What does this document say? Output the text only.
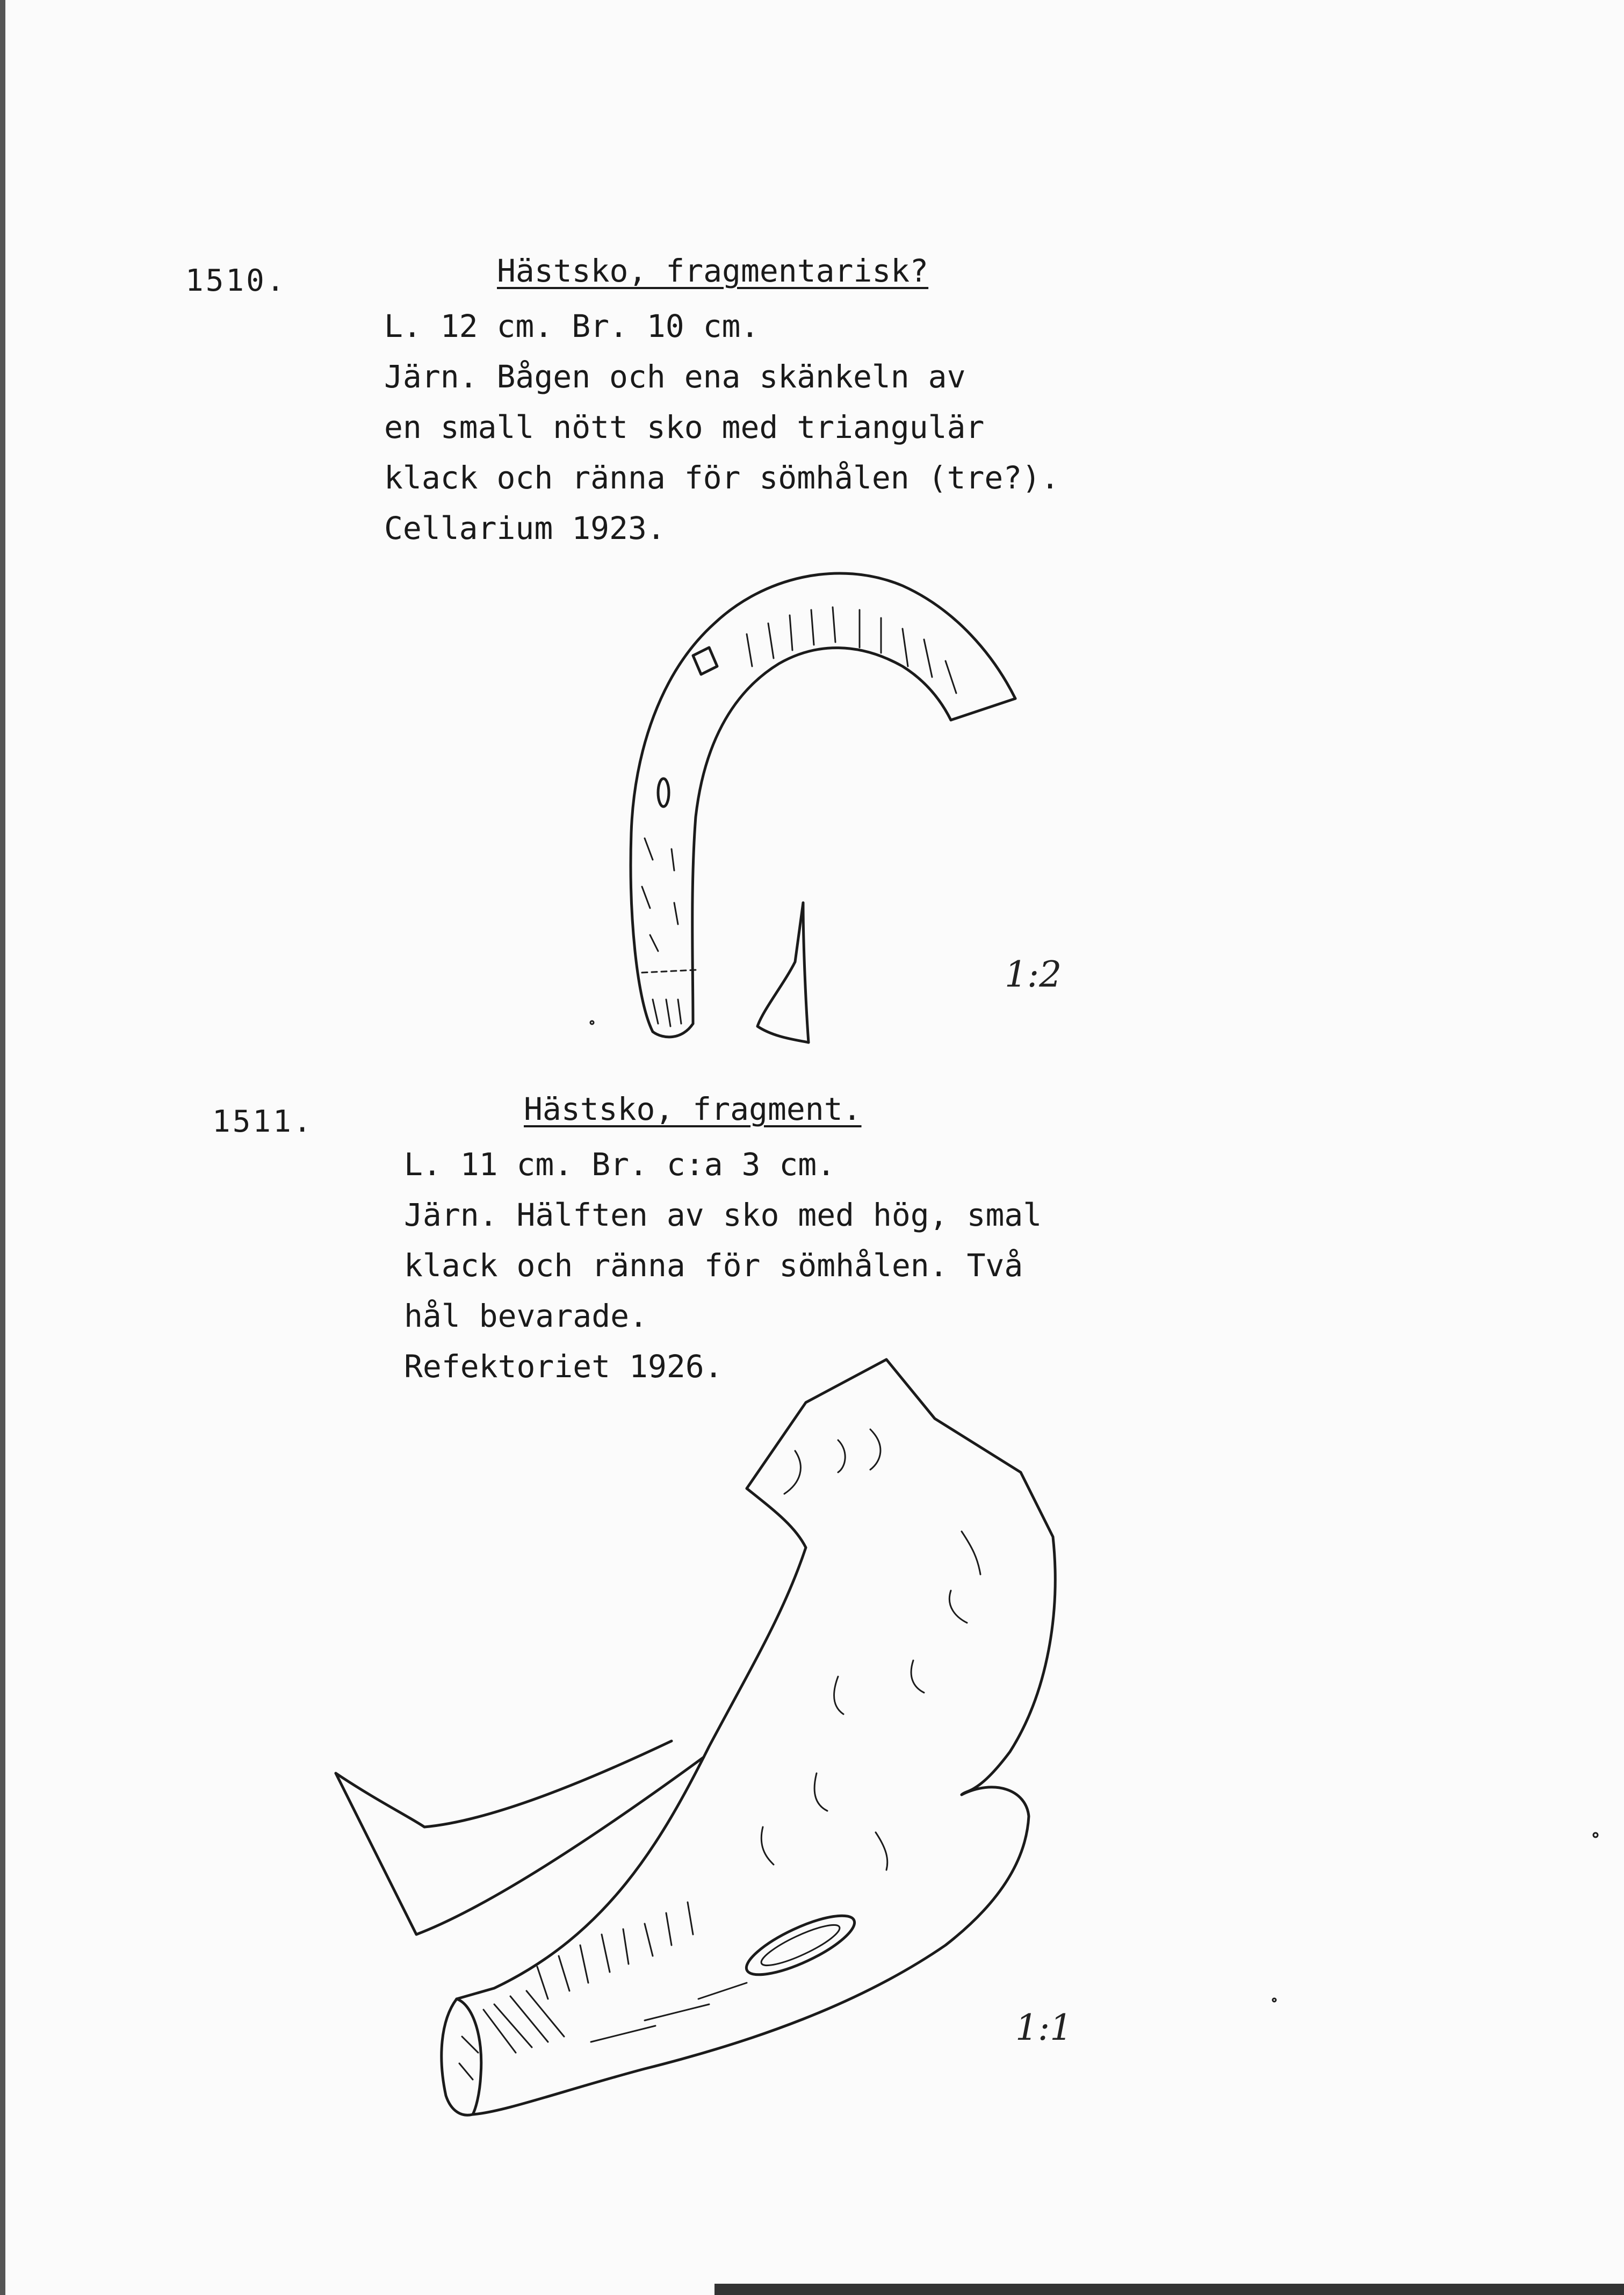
1510.	Hästsko, fragmentarisk?
L. 12 cm. Br. 10 cm.
Järn. Bågen och ena skänkeln av
en small nött sko med triangulär
klack och ränna för sömhålen (tre?).
Cellarium 1923.
1:2
1511.	Hästsko, fragment.
L. 11 cm. Br. c:a 3 cm.
Järn. Hälften av sko med hög, smal
klack och ränna för sömhålen. Två
hål bevarade.
Refektoriet 1926.
1:1
